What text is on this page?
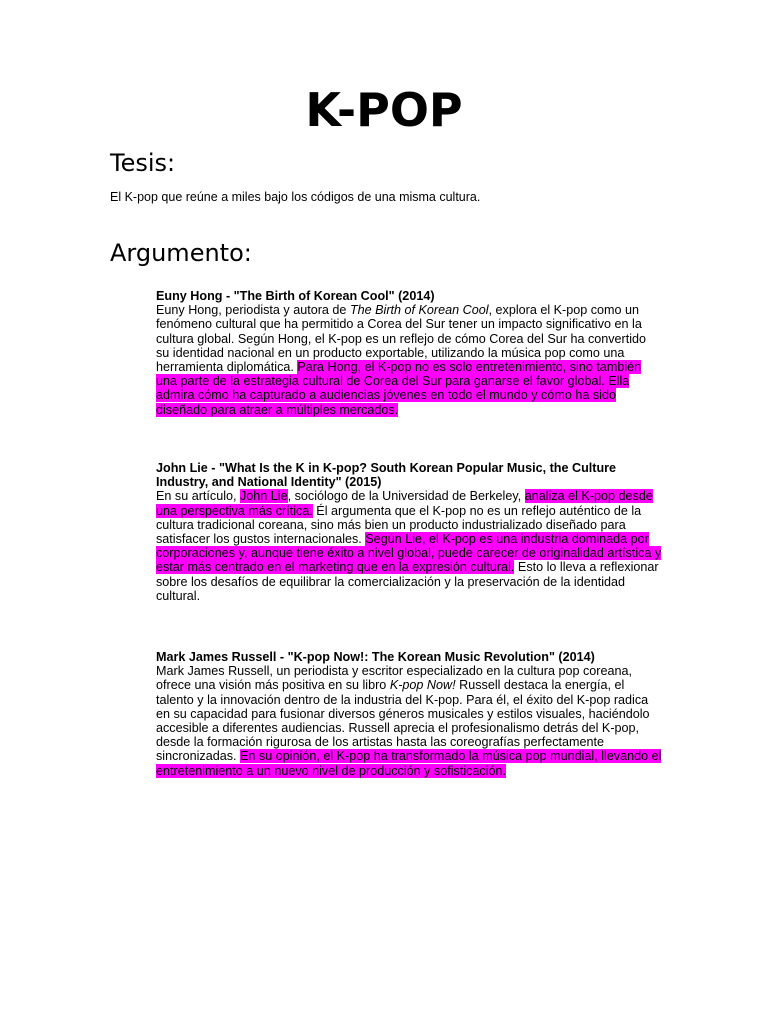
K-POP
Tesis:

El K-pop que reúne a miles bajo los códigos de una misma cultura.

Argumento:

Euny Hong - "The Birth of Korean Cool" (2014)

Euny Hong, periodista y autora de The Birth of Korean Cool, explora el K-pop como un fenómeno cultural que ha permitido a Corea del Sur tener un impacto significativo en la cultura global. Según Hong, el K-pop es un reflejo de cómo Corea del Sur ha convertido su identidad nacional en un producto exportable, utilizando la música pop como una herramienta diplomática. Para Hong, el K-pop no es solo entretenimiento, sino también una parte de la estrategia cultural de Corea del Sur para ganarse el favor global. Ella admira cómo ha capturado a audiencias jóvenes en todo el mundo y cómo ha sido diseñado para atraer a múltiples mercados.

John Lie - "What Is the K in K-pop? South Korean Popular Music, the Culture Industry, and National Identity" (2015)

En su artículo, John Lie, sociólogo de la Universidad de Berkeley, analiza el K-pop desde una perspectiva más crítica. Él argumenta que el K-pop no es un reflejo auténtico de la cultura tradicional coreana, sino más bien un producto industrializado diseñado para satisfacer los gustos internacionales. Según Lie, el K-pop es una industria dominada por corporaciones y, aunque tiene éxito a nivel global, puede carecer de originalidad artística y estar más centrado en el marketing que en la expresión cultural. Esto lo lleva a reflexionar sobre los desafíos de equilibrar la comercialización y la preservación de la identidad cultural.

Mark James Russell - "K-pop Now!: The Korean Music Revolution" (2014)

Mark James Russell, un periodista y escritor especializado en la cultura pop coreana, ofrece una visión más positiva en su libro K-pop Now! Russell destaca la energía, el talento y la innovación dentro de la industria del K-pop. Para él, el éxito del K-pop radica en su capacidad para fusionar diversos géneros musicales y estilos visuales, haciéndolo accesible a diferentes audiencias. Russell aprecia el profesionalismo detrás del K-pop, desde la formación rigurosa de los artistas hasta las coreografías perfectamente sincronizadas. En su opinión, el K-pop ha transformado la música pop mundial, llevando el entretenimiento a un nuevo nivel de producción y sofisticación.
